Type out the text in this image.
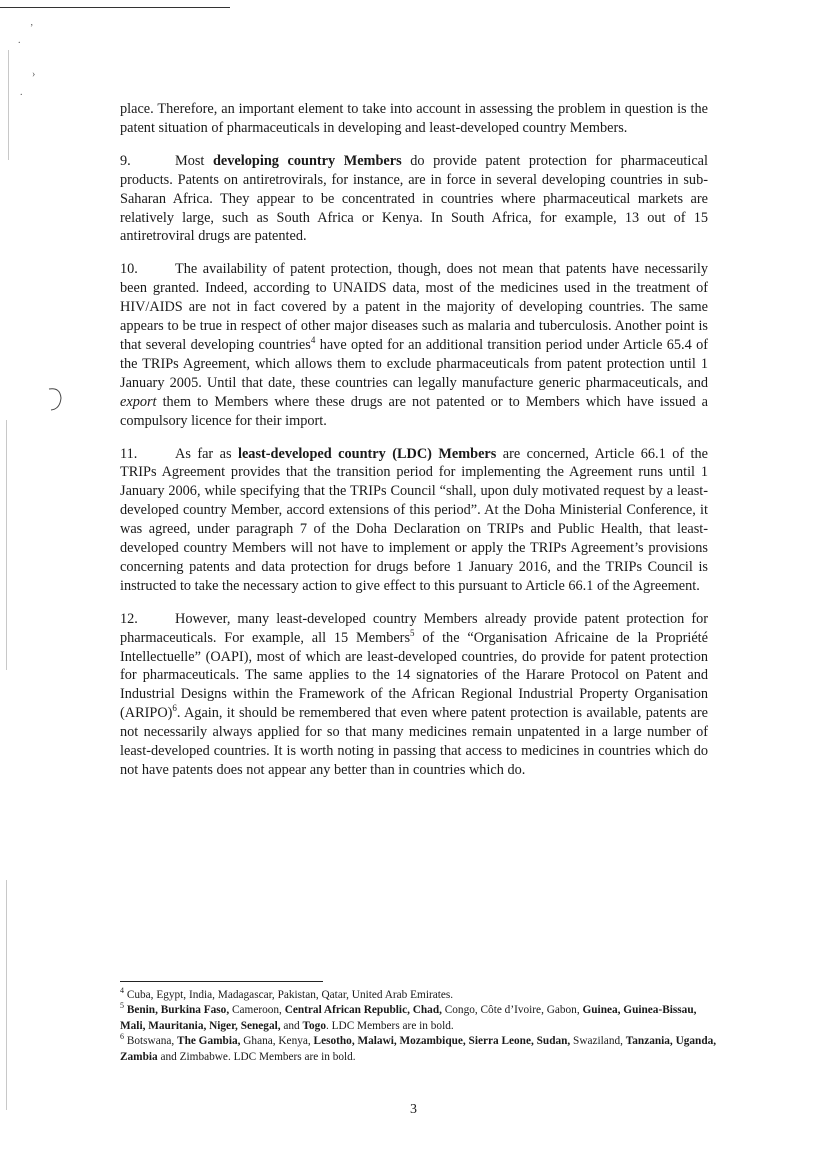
’
.
›
.

place. Therefore, an important element to take into account in assessing the problem in question is the patent situation of pharmaceuticals in developing and least-developed country Members.

9.	Most developing country Members do provide patent protection for pharmaceutical products. Patents on antiretrovirals, for instance, are in force in several developing countries in sub-Saharan Africa. They appear to be concentrated in countries where pharmaceutical markets are relatively large, such as South Africa or Kenya. In South Africa, for example, 13 out of 15 antiretroviral drugs are patented.

10.	The availability of patent protection, though, does not mean that patents have necessarily been granted. Indeed, according to UNAIDS data, most of the medicines used in the treatment of HIV/AIDS are not in fact covered by a patent in the majority of developing countries. The same appears to be true in respect of other major diseases such as malaria and tuberculosis. Another point is that several developing countries$^4$ have opted for an additional transition period under Article 65.4 of the TRIPs Agreement, which allows them to exclude pharmaceuticals from patent protection until 1 January 2005. Until that date, these countries can legally manufacture generic pharmaceuticals, and export them to Members where these drugs are not patented or to Members which have issued a compulsory licence for their import.

11.	As far as least-developed country (LDC) Members are concerned, Article 66.1 of the TRIPs Agreement provides that the transition period for implementing the Agreement runs until 1 January 2006, while specifying that the TRIPs Council “shall, upon duly motivated request by a least-developed country Member, accord extensions of this period”. At the Doha Ministerial Conference, it was agreed, under paragraph 7 of the Doha Declaration on TRIPs and Public Health, that least-developed country Members will not have to implement or apply the TRIPs Agreement’s provisions concerning patents and data protection for drugs before 1 January 2016, and the TRIPs Council is instructed to take the necessary action to give effect to this pursuant to Article 66.1 of the Agreement.

12.	However, many least-developed country Members already provide patent protection for pharmaceuticals. For example, all 15 Members$^5$ of the “Organisation Africaine de la Propriété Intellectuelle” (OAPI), most of which are least-developed countries, do provide for patent protection for pharmaceuticals. The same applies to the 14 signatories of the Harare Protocol on Patent and Industrial Designs within the Framework of the African Regional Industrial Property Organisation (ARIPO)$^6$. Again, it should be remembered that even where patent protection is available, patents are not necessarily always applied for so that many medicines remain unpatented in a large number of least-developed countries. It is worth noting in passing that access to medicines in countries which do not have patents does not appear any better than in countries which do.

$^4$ Cuba, Egypt, India, Madagascar, Pakistan, Qatar, United Arab Emirates.

$^5$ Benin, Burkina Faso, Cameroon, Central African Republic, Chad, Congo, Côte d’Ivoire, Gabon, Guinea, Guinea-Bissau, Mali, Mauritania, Niger, Senegal, and Togo. LDC Members are in bold.

$^6$ Botswana, The Gambia, Ghana, Kenya, Lesotho, Malawi, Mozambique, Sierra Leone, Sudan, Swaziland, Tanzania, Uganda, Zambia and Zimbabwe. LDC Members are in bold.

3
